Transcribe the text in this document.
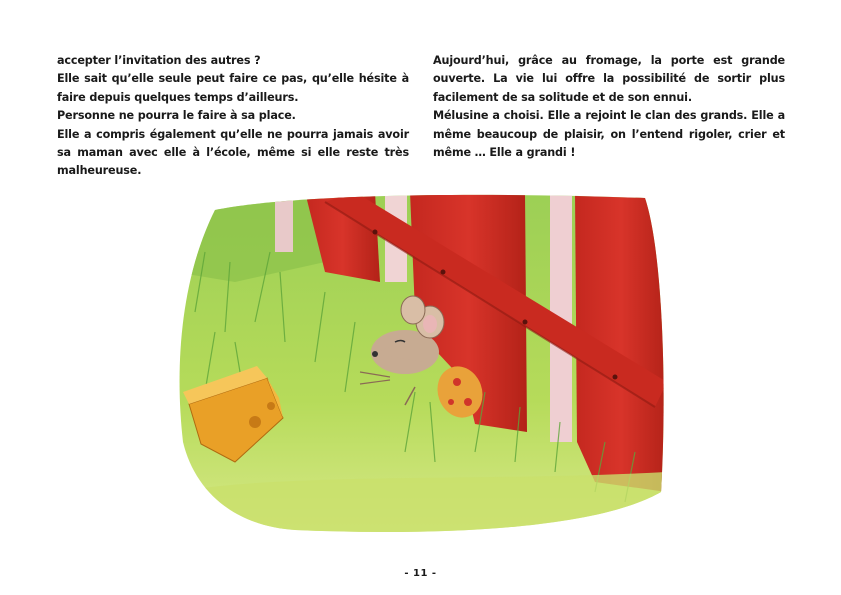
accepter l’invitation des autres ?

Elle sait qu’elle seule peut faire ce pas, qu’elle hésite à faire depuis quelques temps d’ailleurs.

Personne ne pourra le faire à sa place.

Elle a compris également qu’elle ne pourra jamais avoir sa maman avec elle à l’école, même si elle reste très malheureuse.

Aujourd’hui, grâce au fromage, la porte est grande ouverte. La vie lui offre la possibilité de sortir plus facilement de sa solitude et de son ennui.

Mélusine a choisi. Elle a rejoint le clan des grands. Elle a même beaucoup de plaisir, on l’entend rigoler, crier et même … Elle a grandi !

- 11 -
